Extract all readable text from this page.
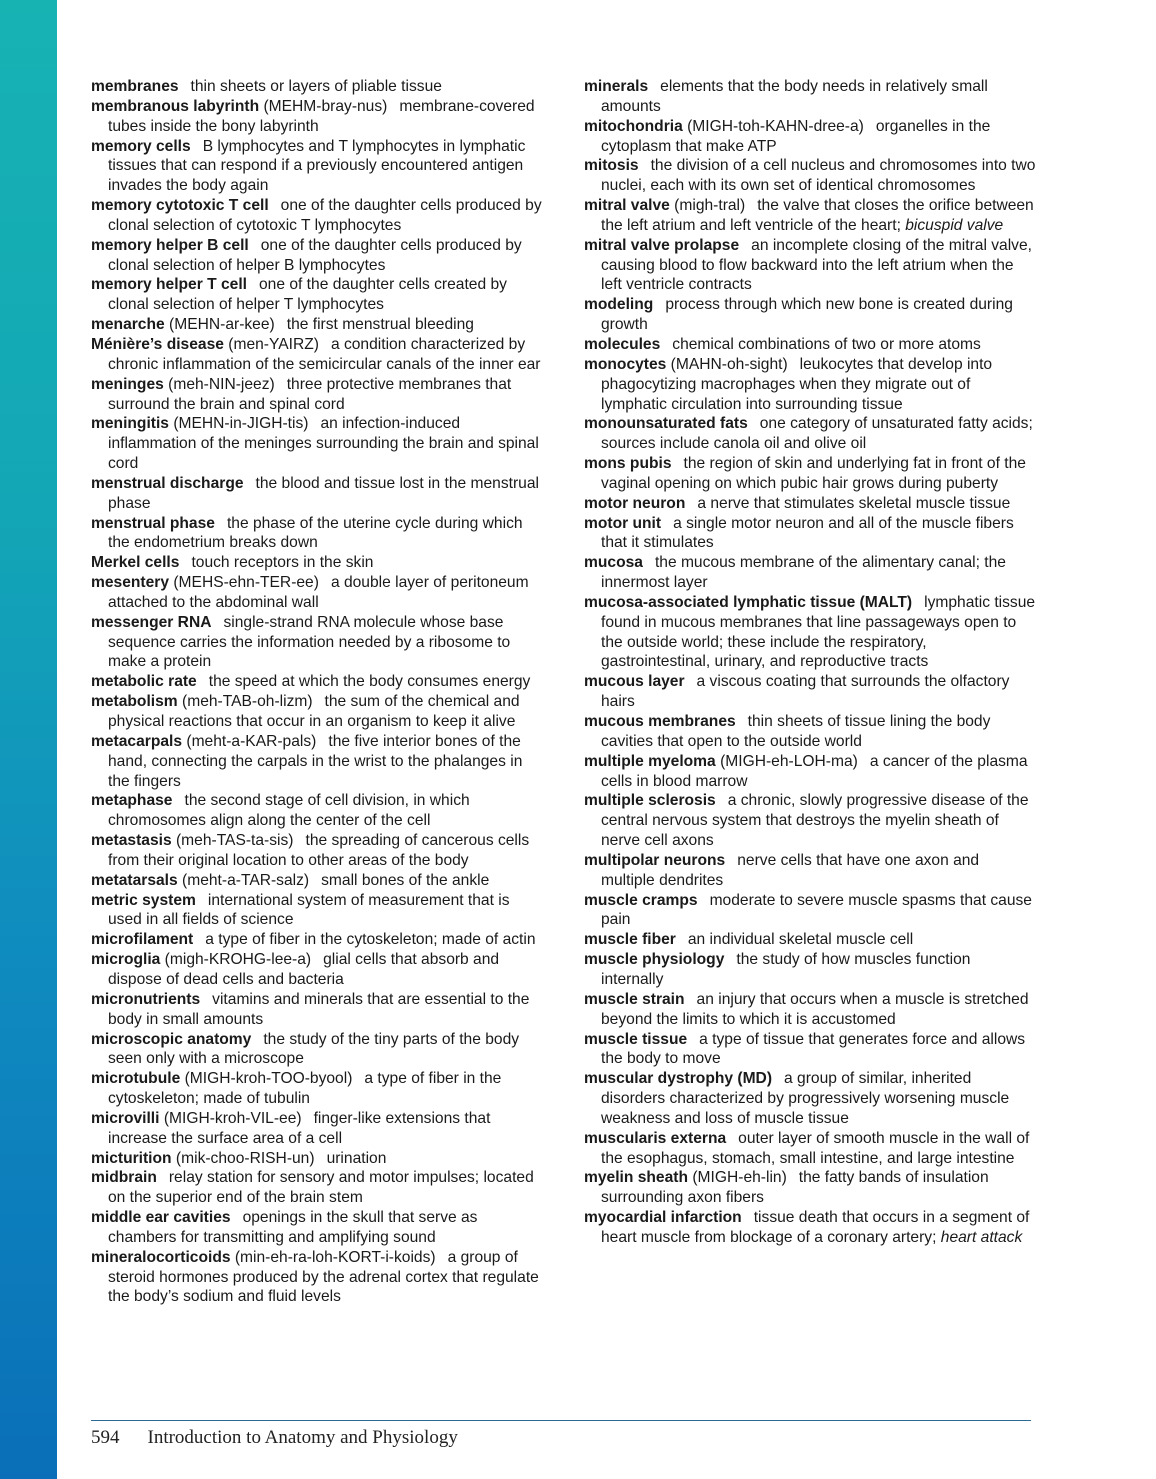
membranes thin sheets or layers of pliable tissue

membranous labyrinth (MEHM-bray-nus) membrane-covered tubes inside the bony labyrinth

memory cells B lymphocytes and T lymphocytes in lymphatic tissues that can respond if a previously encountered antigen invades the body again

memory cytotoxic T cell one of the daughter cells produced by clonal selection of cytotoxic T lymphocytes

memory helper B cell one of the daughter cells produced by clonal selection of helper B lymphocytes

memory helper T cell one of the daughter cells created by clonal selection of helper T lymphocytes

menarche (MEHN-ar-kee) the first menstrual bleeding

Ménière’s disease (men-YAIRZ) a condition characterized by chronic inflammation of the semicircular canals of the inner ear

meninges (meh-NIN-jeez) three protective membranes that surround the brain and spinal cord

meningitis (MEHN-in-JIGH-tis) an infection-induced inflammation of the meninges surrounding the brain and spinal cord

menstrual discharge the blood and tissue lost in the menstrual phase

menstrual phase the phase of the uterine cycle during which the endometrium breaks down

Merkel cells touch receptors in the skin

mesentery (MEHS-ehn-TER-ee) a double layer of peritoneum attached to the abdominal wall

messenger RNA single-strand RNA molecule whose base sequence carries the information needed by a ribosome to make a protein

metabolic rate the speed at which the body consumes energy

metabolism (meh-TAB-oh-lizm) the sum of the chemical and physical reactions that occur in an organism to keep it alive

metacarpals (meht-a-KAR-pals) the five interior bones of the hand, connecting the carpals in the wrist to the phalanges in the fingers

metaphase the second stage of cell division, in which chromosomes align along the center of the cell

metastasis (meh-TAS-ta-sis) the spreading of cancerous cells from their original location to other areas of the body

metatarsals (meht-a-TAR-salz) small bones of the ankle

metric system international system of measurement that is used in all fields of science

microfilament a type of fiber in the cytoskeleton; made of actin

microglia (migh-KROHG-lee-a) glial cells that absorb and dispose of dead cells and bacteria

micronutrients vitamins and minerals that are essential to the body in small amounts

microscopic anatomy the study of the tiny parts of the body seen only with a microscope

microtubule (MIGH-kroh-TOO-byool) a type of fiber in the cytoskeleton; made of tubulin

microvilli (MIGH-kroh-VIL-ee) finger-like extensions that increase the surface area of a cell

micturition (mik-choo-RISH-un) urination

midbrain relay station for sensory and motor impulses; located on the superior end of the brain stem

middle ear cavities openings in the skull that serve as chambers for transmitting and amplifying sound

mineralocorticoids (min-eh-ra-loh-KORT-i-koids) a group of steroid hormones produced by the adrenal cortex that regulate the body’s sodium and fluid levels

minerals elements that the body needs in relatively small amounts

mitochondria (MIGH-toh-KAHN-dree-a) organelles in the cytoplasm that make ATP

mitosis the division of a cell nucleus and chromosomes into two nuclei, each with its own set of identical chromosomes

mitral valve (migh-tral) the valve that closes the orifice between the left atrium and left ventricle of the heart; bicuspid valve

mitral valve prolapse an incomplete closing of the mitral valve, causing blood to flow backward into the left atrium when the left ventricle contracts

modeling process through which new bone is created during growth

molecules chemical combinations of two or more atoms

monocytes (MAHN-oh-sight) leukocytes that develop into phagocytizing macrophages when they migrate out of lymphatic circulation into surrounding tissue

monounsaturated fats one category of unsaturated fatty acids; sources include canola oil and olive oil

mons pubis the region of skin and underlying fat in front of the vaginal opening on which pubic hair grows during puberty

motor neuron a nerve that stimulates skeletal muscle tissue

motor unit a single motor neuron and all of the muscle fibers that it stimulates

mucosa the mucous membrane of the alimentary canal; the innermost layer

mucosa-associated lymphatic tissue (MALT) lymphatic tissue found in mucous membranes that line passageways open to the outside world; these include the respiratory, gastrointestinal, urinary, and reproductive tracts

mucous layer a viscous coating that surrounds the olfactory hairs

mucous membranes thin sheets of tissue lining the body cavities that open to the outside world

multiple myeloma (MIGH-eh-LOH-ma) a cancer of the plasma cells in blood marrow

multiple sclerosis a chronic, slowly progressive disease of the central nervous system that destroys the myelin sheath of nerve cell axons

multipolar neurons nerve cells that have one axon and multiple dendrites

muscle cramps moderate to severe muscle spasms that cause pain

muscle fiber an individual skeletal muscle cell

muscle physiology the study of how muscles function internally

muscle strain an injury that occurs when a muscle is stretched beyond the limits to which it is accustomed

muscle tissue a type of tissue that generates force and allows the body to move

muscular dystrophy (MD) a group of similar, inherited disorders characterized by progressively worsening muscle weakness and loss of muscle tissue

muscularis externa outer layer of smooth muscle in the wall of the esophagus, stomach, small intestine, and large intestine

myelin sheath (MIGH-eh-lin) the fatty bands of insulation surrounding axon fibers

myocardial infarction tissue death that occurs in a segment of heart muscle from blockage of a coronary artery; heart attack

594 Introduction to Anatomy and Physiology
